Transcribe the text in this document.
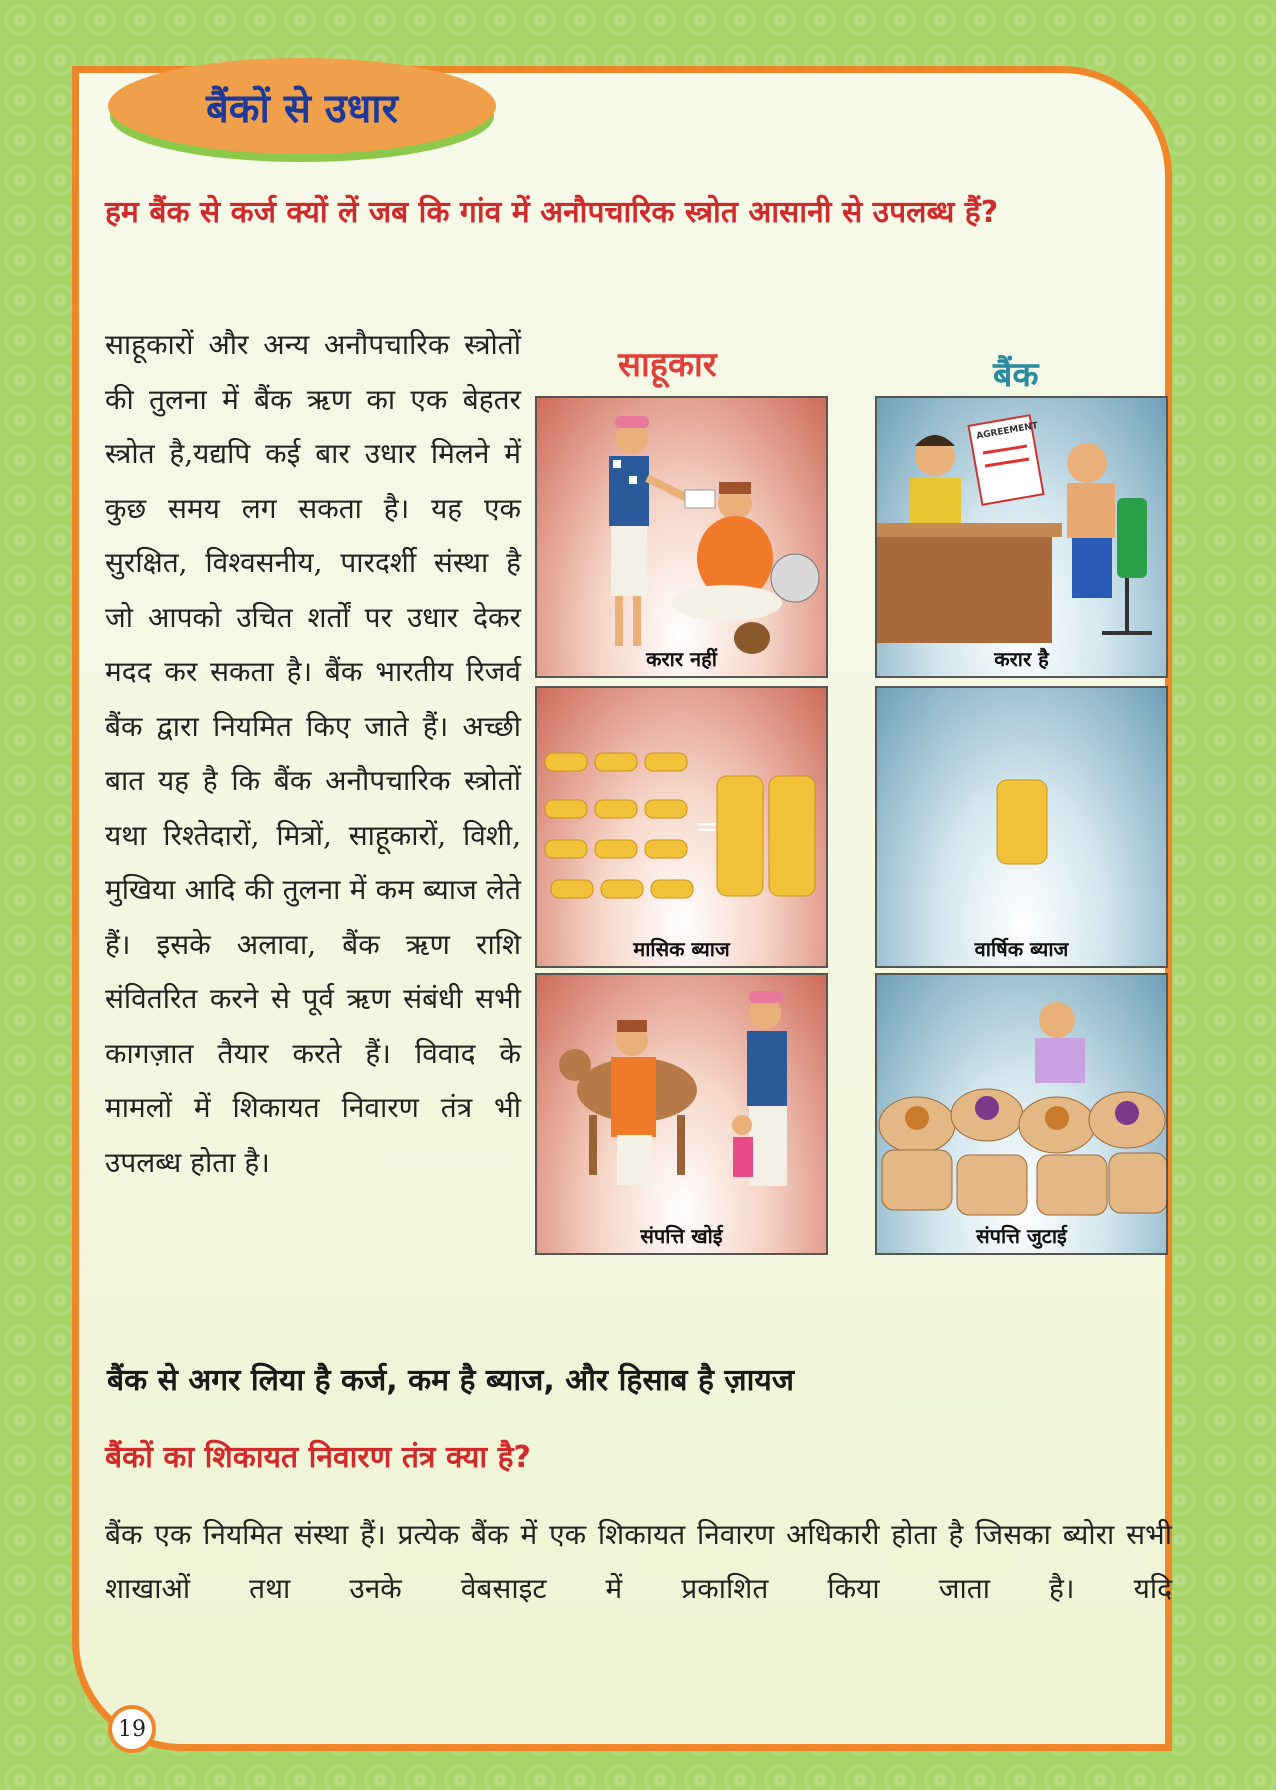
बैंकों से उधार
हम बैंक से कर्ज क्यों लें जब कि गांव में अनौपचारिक स्त्रोत आसानी से उपलब्ध हैं?
साहूकारों और अन्य अनौपचारिक स्त्रोतों की तुलना में बैंक ऋण का एक बेहतर स्त्रोत है,यद्यपि कई बार उधार मिलने में कुछ समय लग सकता है। यह एक सुरक्षित, विश्वसनीय, पारदर्शी संस्था है जो आपको उचित शर्तों पर उधार देकर मदद कर सकता है। बैंक भारतीय रिजर्व बैंक द्वारा नियमित किए जाते हैं। अच्छी बात यह है कि बैंक अनौपचारिक स्त्रोतों यथा रिश्तेदारों, मित्रों, साहूकारों, विशी, मुखिया आदि की तुलना में कम ब्याज लेते हैं। इसके अलावा, बैंक ऋण राशि संवितरित करने से पूर्व ऋण संबंधी सभी कागज़ात तैयार करते हैं। विवाद के मामलों में शिकायत निवारण तंत्र भी उपलब्ध होता है।
साहूकार	बैंक
करार नहीं
AGREEMENT
करार है
=
मासिक ब्याज	वार्षिक ब्याज
संपत्ति खोई	संपत्ति जुटाई
बैंक से अगर लिया है कर्ज, कम है ब्याज, और हिसाब है ज़ायज
बैंकों का शिकायत निवारण तंत्र क्या है?
बैंक एक नियमित संस्था हैं। प्रत्येक बैंक में एक शिकायत निवारण अधिकारी होता है जिसका ब्योरा सभी शाखाओं तथा उनके वेबसाइट में प्रकाशित किया जाता है। यदि
19
